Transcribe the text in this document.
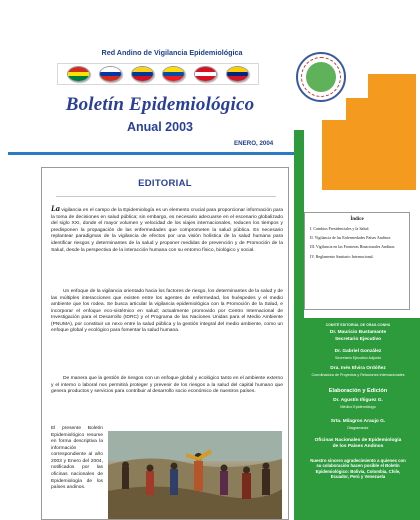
Red Andino de Vigilancia Epidemiológica
Boletín Epidemiológico
Anual 2003
ENERO, 2004
EDITORIAL
La vigilancia en el campo de la Epidemiología es un elemento crucial para proporcionar información para la toma de decisiones en salud pública; sin embargo, es necesario adecuarse en el escenario globalizado del siglo XXI, donde el mayor volumen y velocidad de los viajes internacionales, reducen los tiempos y predisponen la propagación de las enfermedades que comprometen la salud pública. Es necesario replantear paradigmas de la vigilancia de efectos por una visión holística de la salud humana para identificar riesgos y determinantes de la salud y proponer medidas de prevención y de Promoción de la Salud, desde la perspectiva de la interacción humana con su entorno físico, biológico y social.
Un enfoque de la vigilancia orientado hacia los factores de riesgo, los determinantes de la salud y de las múltiples interacciones que existen entre los agentes de enfermedad, los huéspedes y el medio ambiente que los rodea. Se busca articular la vigilancia epidemiológica con la Promoción de la Salud, e incorporar el enfoque eco-sistémico en salud; actualmente promovido por Centro Internacional de Investigación para el Desarrollo (IDRC) y el Programa de las Naciones Unidas para el Medio Ambiente (PNUMA), por constituir un nexo entre la salud pública y la gestión integral del medio ambiente, como un enfoque global y ecológico para fomentar la salud humana.
De manera que la gestión de riesgos con un enfoque global y ecológico tanto en el ambiente externo y el interno o laboral nos permitirá proteger y prevenir de los riesgos a la salud del capital humano que genera productos y servicios para contribuir al desarrollo socio económico de nuestros países.
El presente Boletín Epidemiológico resume en forma descriptiva la información correspondiente al año 2003 y Enero del 2004, notificados por las oficinas nacionales de Epidemiología de los países andinos.
Índice
I. Cambios Presidenciales y la Salud.
II. Vigilancia de las Enfermedades Países Andinos
III. Vigilancia en las Fronteras Binacionales Andinas
IV. Reglamento Sanitario Internacional.
COMITÉ EDITORIAL DE ORAS-CONHU
Dr. Mauricio Bustamante
Secretario Ejecutivo
Dr. Gabriel González
Secretario Ejecutivo Adjunto
Dra. Inés Elvira Ordóñez
Coordinadora de Proyectos y Relaciones Internacionales
Elaboración y Edición
Dr. Agustín Iñiguez G.
Médico Epidemiólogo
Srta. Milagros Araujo G.
Diagramador
Oficinas Nacionales de Epidemiología de los Países Andinos
Nuestro sincero agradecimiento a quienes con su colaboración hacen posible el Boletín Epidemiológico: Bolivia, Colombia, Chile, Ecuador, Perú y Venezuela
